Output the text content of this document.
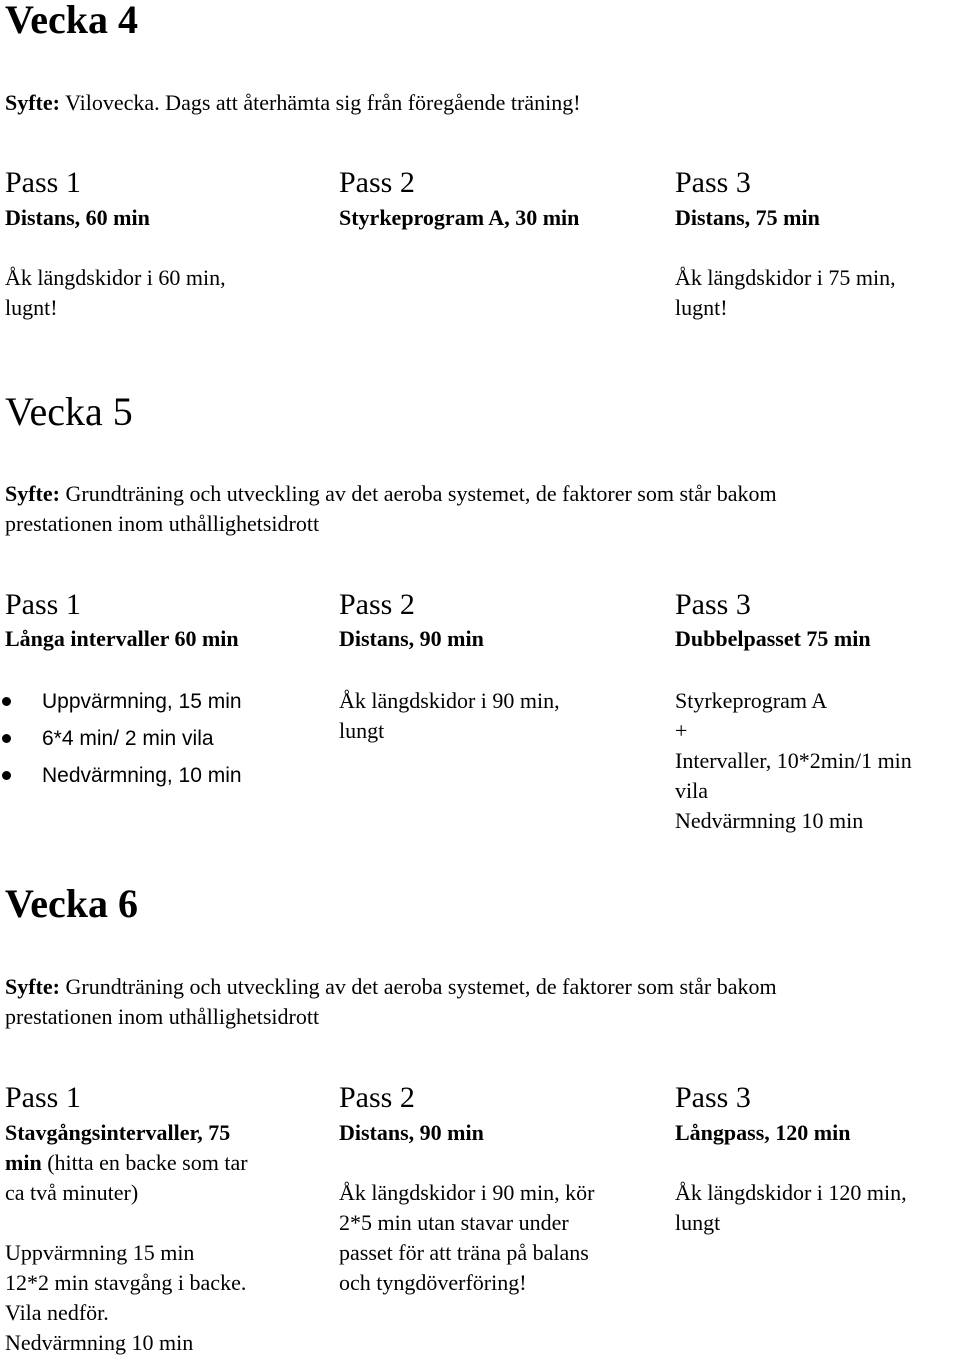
Vecka 4
Syfte: Vilovecka. Dags att återhämta sig från föregående träning!
Pass 1
Distans, 60 min
Åk längdskidor i 60 min,
lugnt!
Pass 2
Styrkeprogram A, 30 min
Pass 3
Distans, 75 min
Åk längdskidor i 75 min,
lugnt!
Vecka 5
Syfte: Grundträning och utveckling av det aeroba systemet, de faktorer som står bakom
prestationen inom uthållighetsidrott
Pass 1
Långa intervaller 60 min
Uppvärmning, 15 min
6*4 min/ 2 min vila
Nedvärmning, 10 min
Pass 2
Distans, 90 min
Åk längdskidor i 90 min,
lungt
Pass 3
Dubbelpasset 75 min
Styrkeprogram A
+
Intervaller, 10*2min/1 min
vila
Nedvärmning 10 min
Vecka 6
Syfte: Grundträning och utveckling av det aeroba systemet, de faktorer som står bakom
prestationen inom uthållighetsidrott
Pass 1
Stavgångsintervaller, 75
min (hitta en backe som tar
ca två minuter)
Uppvärmning 15 min
12*2 min stavgång i backe.
Vila nedför.
Nedvärmning 10 min
Pass 2
Distans, 90 min
Åk längdskidor i 90 min, kör
2*5 min utan stavar under
passet för att träna på balans
och tyngdöverföring!
Pass 3
Långpass, 120 min
Åk längdskidor i 120 min,
lungt
